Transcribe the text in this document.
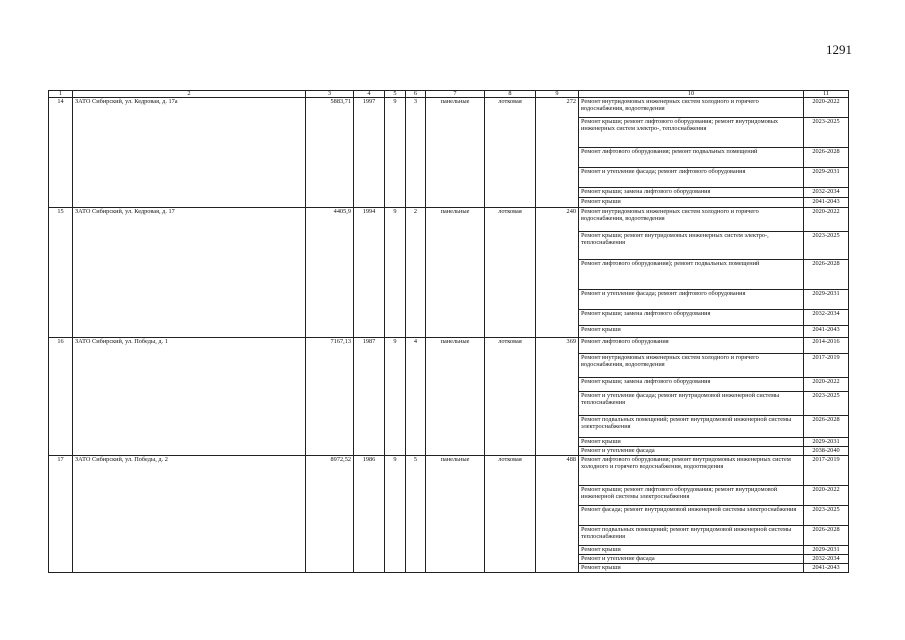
1291
1	2	3	4	5	6	7	8	9	10	11
14	ЗАТО Сибирский, ул. Кедровая, д. 17а	5883,71	1997	9	3	панельные	лотковая	272	Ремонт внутридомовых инженерных систем холодного и горячего водоснабжения, водоотведения	2020-2022
									Ремонт крыши; ремонт лифтового оборудования; ремонт внутридомовых инженерных систем электро-, теплоснабжения	2023-2025
									Ремонт лифтового оборудования; ремонт подвальных помещений	2026-2028
									Ремонт и утепление фасада; ремонт лифтового оборудования	2029-2031
									Ремонт крыши; замена лифтового оборудования	2032-2034
									Ремонт крыши	2041-2043
15	ЗАТО Сибирский, ул. Кедровая, д. 17	4405,9	1994	9	2	панельные	лотковая	240	Ремонт внутридомовых инженерных систем холодного и горячего водоснабжения, водоотведения	2020-2022
									Ремонт крыши; ремонт внутридомовых инженерных систем электро-, теплоснабжения	2023-2025
									Ремонт лифтового оборудования); ремонт подвальных помещений	2026-2028
									Ремонт и утепление фасада; ремонт лифтового оборудования	2029-2031
									Ремонт крыши; замена лифтового оборудования	2032-2034
									Ремонт крыши	2041-2043
16	ЗАТО Сибирский, ул. Победы, д. 1	7167,13	1987	9	4	панельные	лотковая	369	Ремонт лифтового оборудования	2014-2016
									Ремонт внутридомовых инженерных систем холодного и горячего водоснабжения, водоотведения	2017-2019
									Ремонт крыши; замена лифтового оборудования	2020-2022
									Ремонт и утепление фасада; ремонт внутридомовой инженерной системы теплоснабжения	2023-2025
									Ремонт подвальных помещений; ремонт внутридомовой инженерной системы электроснабжения	2026-2028
									Ремонт крыши	2029-2031
									Ремонт и утепление фасада	2038-2040
17	ЗАТО Сибирский, ул. Победы, д. 2	8972,52	1986	9	5	панельные	лотковая	488	Ремонт лифтового оборудования; ремонт внутридомовых инженерных систем холодного и горячего водоснабжения, водоотведения	2017-2019
									Ремонт крыши; ремонт лифтового оборудования; ремонт внутридомовой инженерной системы электроснабжения	2020-2022
									Ремонт фасада; ремонт внутридомовой инженерной системы электроснабжения	2023-2025
									Ремонт подвальных помещений; ремонт внутридомовой инженерной системы теплоснабжения	2026-2028
									Ремонт крыши	2029-2031
									Ремонт и утепление фасада	2032-2034
									Ремонт крыши	2041-2043
